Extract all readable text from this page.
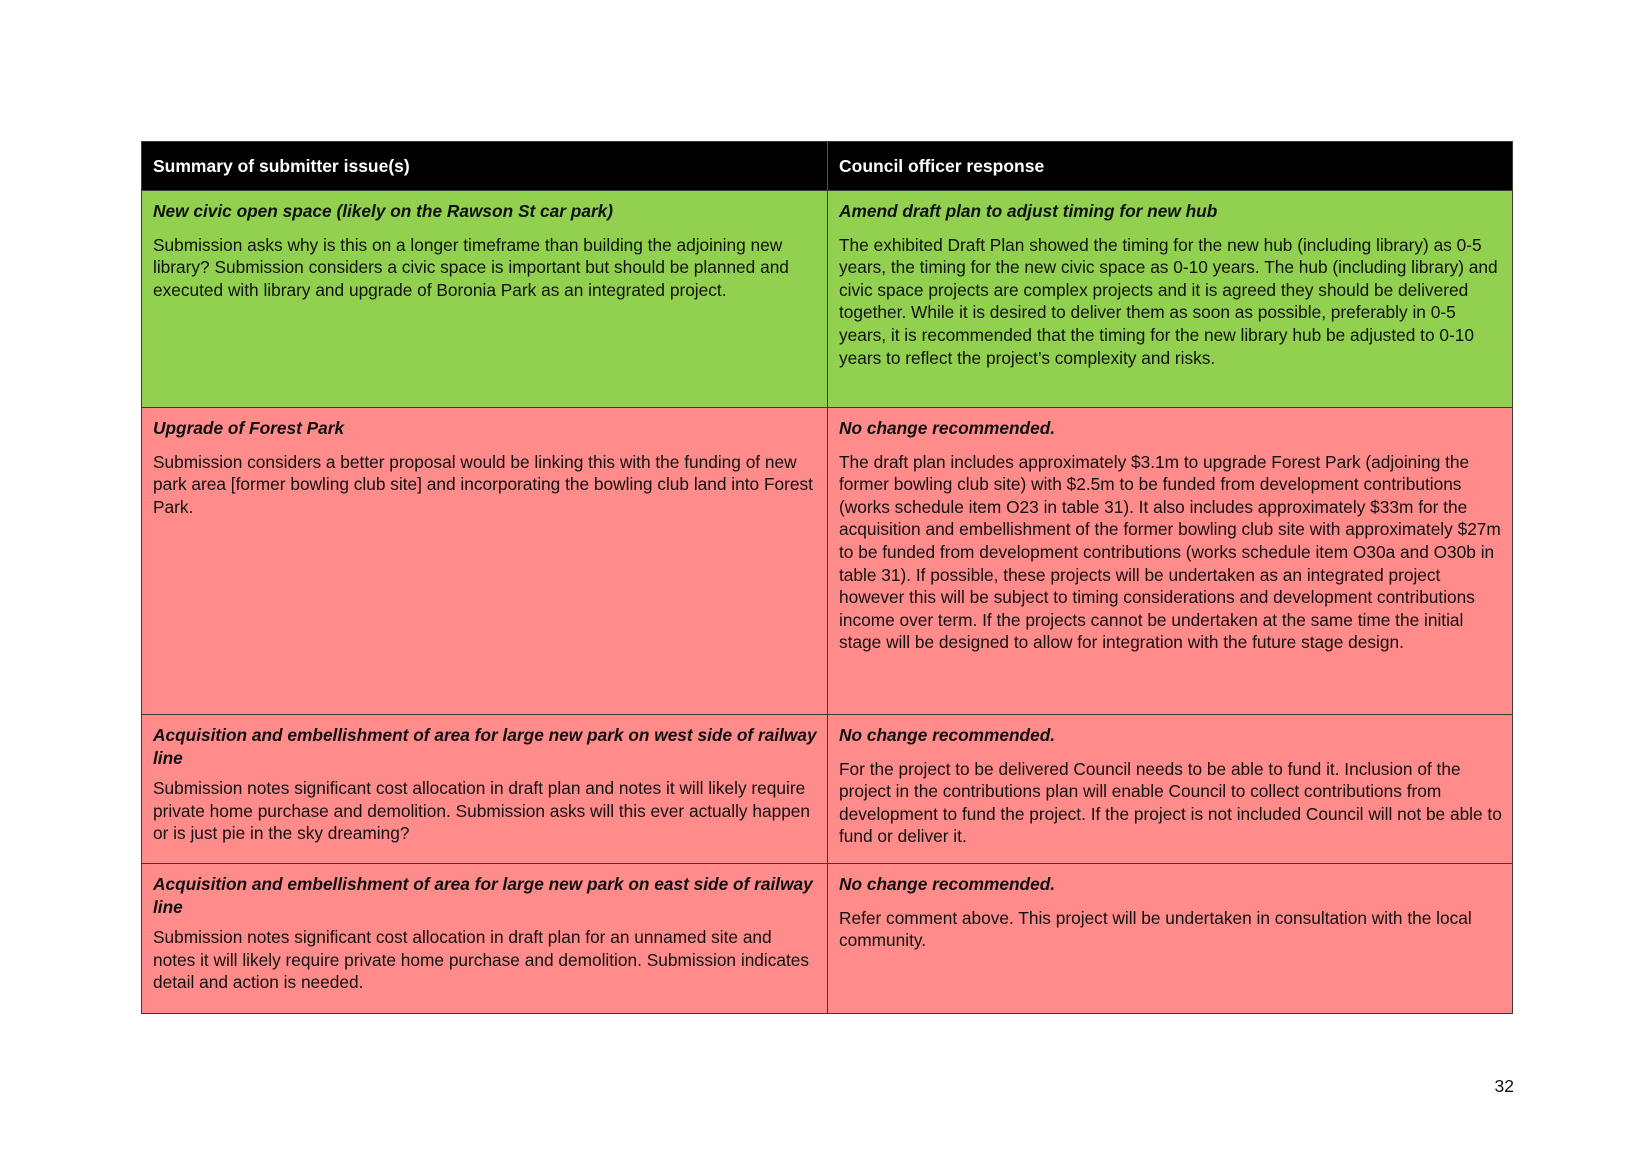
Summary of submitter issue(s)	Council officer response

New civic open space (likely on the Rawson St car park)

Submission asks why is this on a longer timeframe than building the adjoining new library? Submission considers a civic space is important but should be planned and executed with library and upgrade of Boronia Park as an integrated project.

Amend draft plan to adjust timing for new hub

The exhibited Draft Plan showed the timing for the new hub (including library) as 0-5 years, the timing for the new civic space as 0-10 years. The hub (including library) and civic space projects are complex projects and it is agreed they should be delivered together. While it is desired to deliver them as soon as possible, preferably in 0-5 years, it is recommended that the timing for the new library hub be adjusted to 0-10 years to reflect the project’s complexity and risks.

Upgrade of Forest Park

Submission considers a better proposal would be linking this with the funding of new park area [former bowling club site] and incorporating the bowling club land into Forest Park.

No change recommended.

The draft plan includes approximately $3.1m to upgrade Forest Park (adjoining the former bowling club site) with $2.5m to be funded from development contributions (works schedule item O23 in table 31). It also includes approximately $33m for the acquisition and embellishment of the former bowling club site with approximately $27m to be funded from development contributions (works schedule item O30a and O30b in table 31). If possible, these projects will be undertaken as an integrated project however this will be subject to timing considerations and development contributions income over term. If the projects cannot be undertaken at the same time the initial stage will be designed to allow for integration with the future stage design.

Acquisition and embellishment of area for large new park on west side of railway line

Submission notes significant cost allocation in draft plan and notes it will likely require private home purchase and demolition. Submission asks will this ever actually happen or is just pie in the sky dreaming?

No change recommended.

For the project to be delivered Council needs to be able to fund it. Inclusion of the project in the contributions plan will enable Council to collect contributions from development to fund the project. If the project is not included Council will not be able to fund or deliver it.

Acquisition and embellishment of area for large new park on east side of railway line

Submission notes significant cost allocation in draft plan for an unnamed site and notes it will likely require private home purchase and demolition. Submission indicates detail and action is needed.

No change recommended.

Refer comment above. This project will be undertaken in consultation with the local community.

32
